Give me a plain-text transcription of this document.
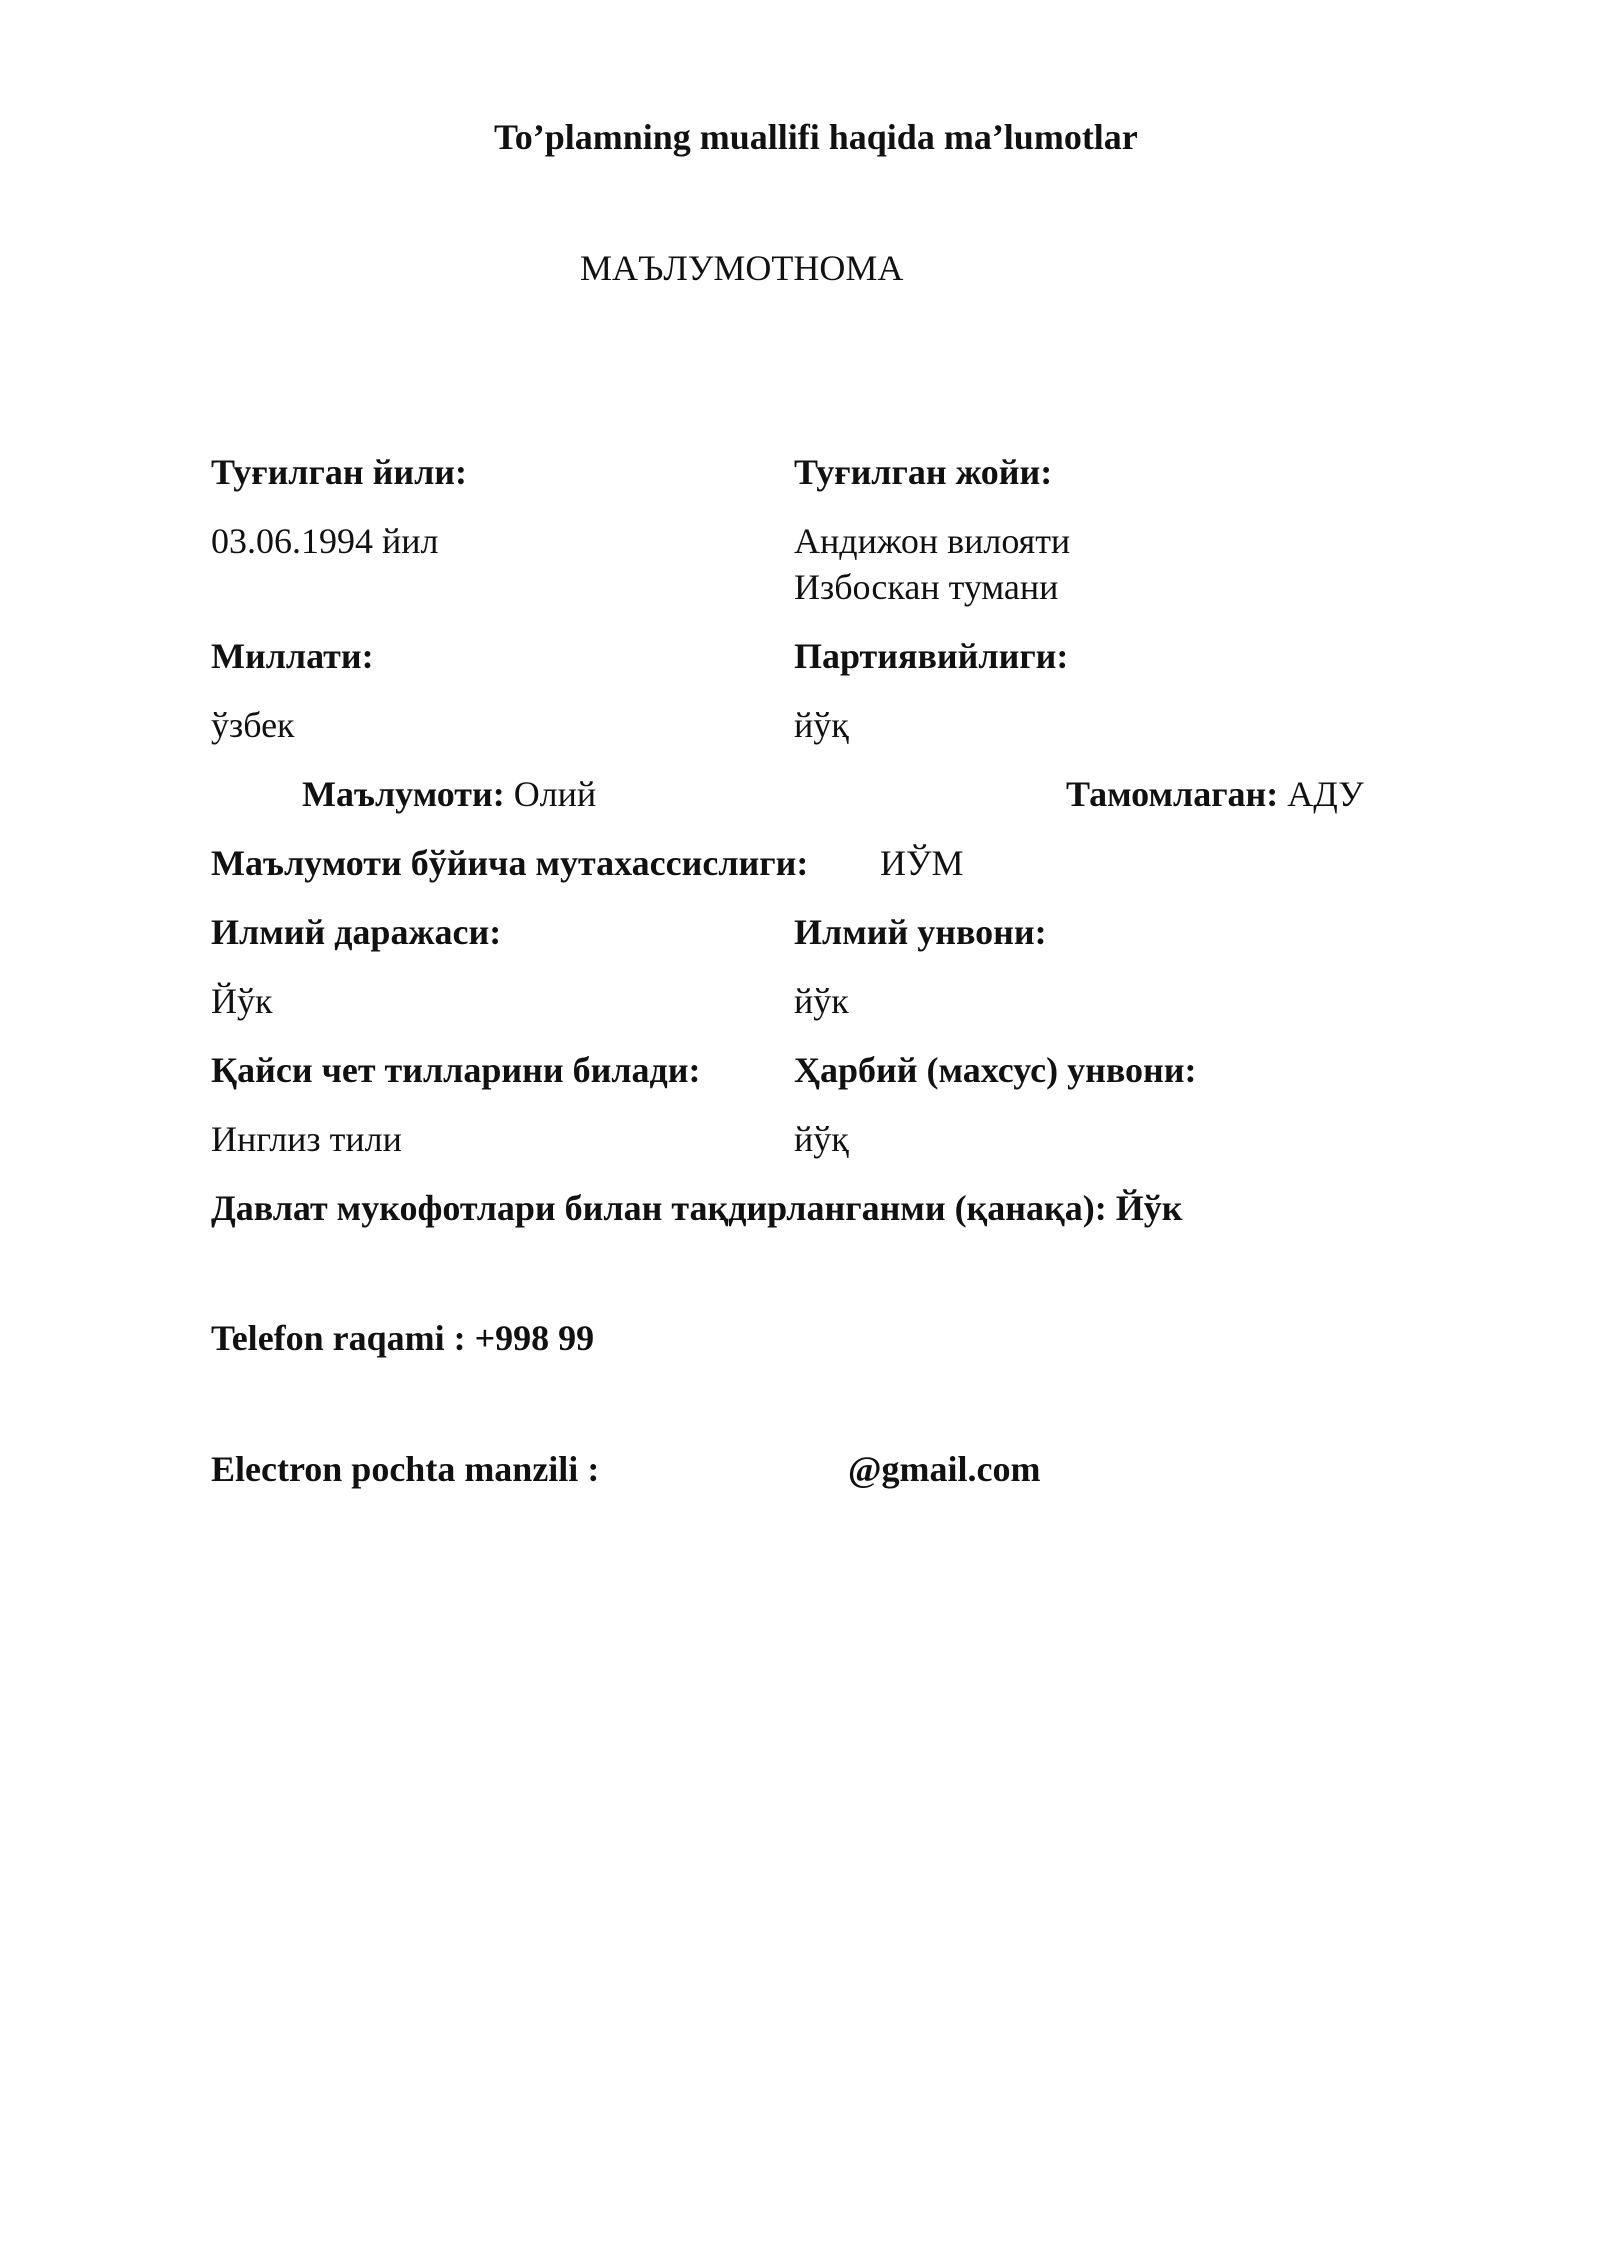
To’plamning muallifi haqida ma’lumotlar
МАЪЛУМОТНОМА
Туғилган йили:	Туғилган жойи:
03.06.1994 йил	Андижон вилояти
Избоскан тумани
Миллати:	Партиявийлиги:
ўзбек	йўқ
Маълумоти: Олий	Тамомлаган: АДУ
Маълумоти бўйича мутахассислиги: ИЎМ
Илмий даражаси:	Илмий унвони:
Йўк	йўк
Қайси чет тилларини билади:	Ҳарбий (махсус) унвони:
Инглиз тили	йўқ
Давлат мукофотлари билан тақдирланганми (қанақа): Йўк
Telefon raqami : +998 99
Electron pochta manzili :	@gmail.com
